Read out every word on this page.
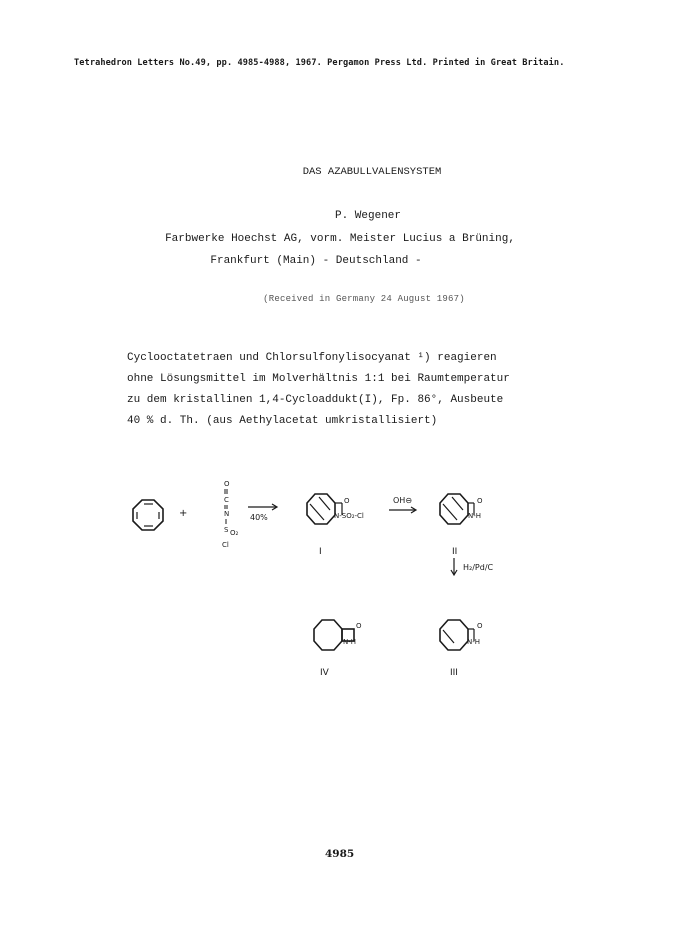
Tetrahedron Letters No.49, pp. 4985-4988, 1967. Pergamon Press Ltd. Printed in Great Britain.
DAS AZABULLVALENSYSTEM
P. Wegener
Farbwerke Hoechst AG, vorm. Meister Lucius a Brüning,
Frankfurt (Main) - Deutschland -
(Received in Germany 24 August 1967)
Cyclooctatetraen und Chlorsulfonylisocyanat ¹) reagieren
ohne Lösungsmittel im Molverhältnis 1:1 bei Raumtemperatur
zu dem kristallinen 1,4-Cycloaddukt(I), Fp. 86°, Ausbeute
40 % d. Th. (aus Aethylacetat umkristallisiert)
+
O
C
N
S O₂
Cl
40%
O
N-SO₂-Cl
I
OH⊖	O
N-H
II
H₂/Pd/C
O
N-H
IV
O
N-H
III
4985
